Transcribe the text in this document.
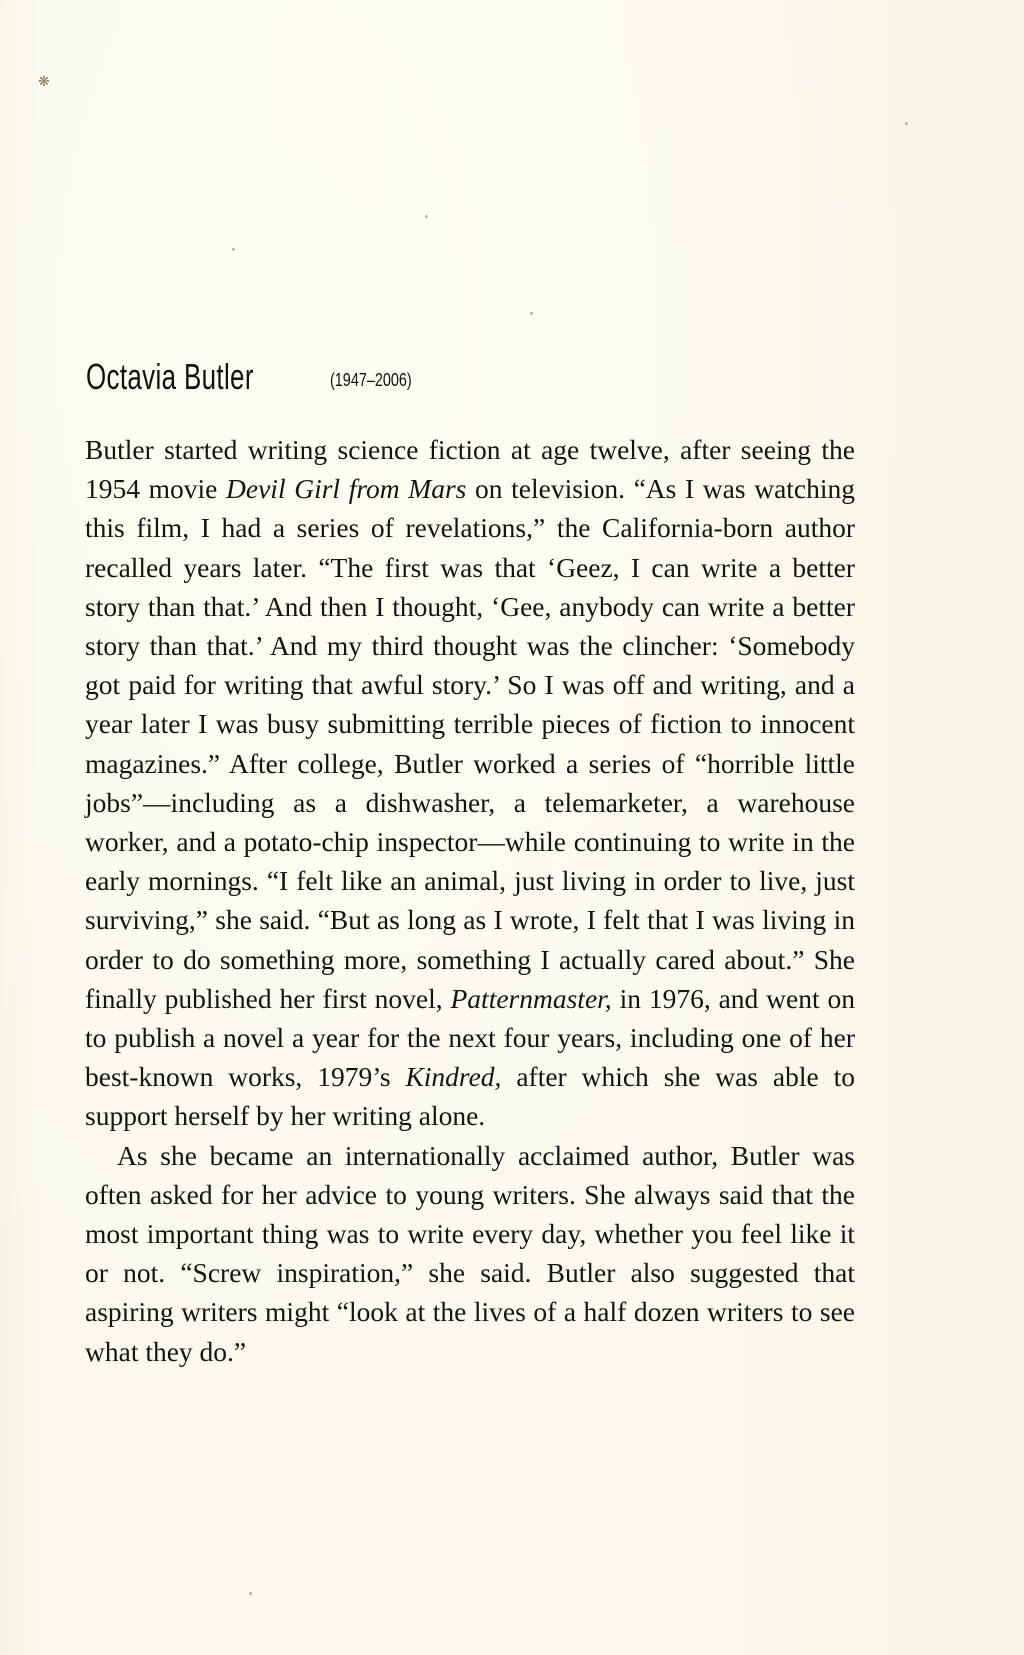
❋
Octavia Butler	(1947–2006)

Butler started writing science fiction at age twelve, after seeing the 1954 movie Devil Girl from Mars on television. “As I was watching this film, I had a series of revelations,” the California-born author recalled years later. “The first was that ‘Geez, I can write a better story than that.’ And then I thought, ‘Gee, anybody can write a better story than that.’ And my third thought was the clincher: ‘Somebody got paid for writing that awful story.’ So I was off and writing, and a year later I was busy submitting terrible pieces of fiction to innocent magazines.” After college, Butler worked a series of “horrible little jobs”—including as a dishwasher, a telemarketer, a warehouse worker, and a potato-chip inspector—while continuing to write in the early mornings. “I felt like an animal, just living in order to live, just surviving,” she said. “But as long as I wrote, I felt that I was living in order to do something more, something I actually cared about.” She finally published her first novel, Patternmaster, in 1976, and went on to publish a novel a year for the next four years, including one of her best-known works, 1979’s Kindred, after which she was able to support herself by her writing alone.

As she became an internationally acclaimed author, Butler was often asked for her advice to young writers. She always said that the most important thing was to write every day, whether you feel like it or not. “Screw inspiration,” she said. Butler also suggested that aspiring writers might “look at the lives of a half dozen writers to see what they do.”
